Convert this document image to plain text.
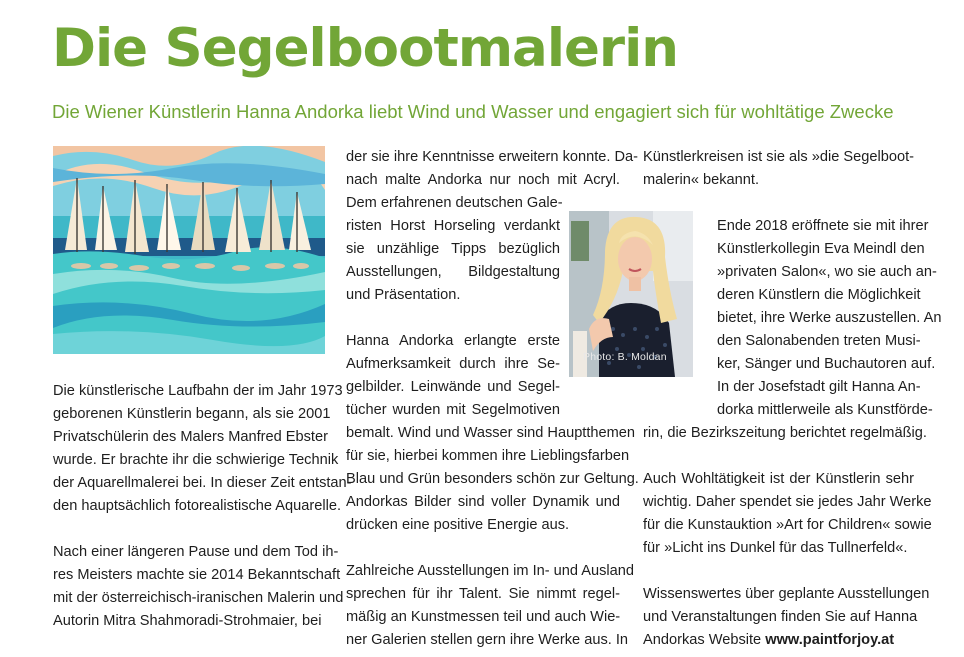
Die Segelbootmalerin

Die Wiener Künstlerin Hanna Andorka liebt Wind und Wasser und engagiert sich für wohltätige Zwecke

Photo: B. Moldan
Die künstlerische Laufbahn der im Jahr 1973
geborenen Künstlerin begann, als sie 2001
Privatschülerin des Malers Manfred Ebster
wurde. Er brachte ihr die schwierige Technik
der Aquarellmalerei bei. In dieser Zeit entstan-
den hauptsächlich fotorealistische Aquarelle.
Nach einer längeren Pause und dem Tod ih-
res Meisters machte sie 2014 Bekanntschaft
mit der österreichisch-iranischen Malerin und
Autorin Mitra Shahmoradi-Strohmaier, bei
der sie ihre Kenntnisse erweitern konnte. Da-
nach malte Andorka nur noch mit Acryl.
Dem erfahrenen deutschen Gale-
risten Horst Horseling verdankt
sie unzählige Tipps bezüglich
Ausstellungen, Bildgestaltung
und Präsentation.
Hanna Andorka erlangte erste
Aufmerksamkeit durch ihre Se-
gelbilder. Leinwände und Segel-
tücher wurden mit Segelmotiven
bemalt. Wind und Wasser sind Hauptthemen
für sie, hierbei kommen ihre Lieblingsfarben
Blau und Grün besonders schön zur Geltung.
Andorkas Bilder sind voller Dynamik und
drücken eine positive Energie aus.
Zahlreiche Ausstellungen im In- und Ausland
sprechen für ihr Talent. Sie nimmt regel-
mäßig an Kunstmessen teil und auch Wie-
ner Galerien stellen gern ihre Werke aus. In
Künstlerkreisen ist sie als »die Segelboot-
malerin« bekannt.
Ende 2018 eröffnete sie mit ihrer
Künstlerkollegin Eva Meindl den
»privaten Salon«, wo sie auch an-
deren Künstlern die Möglichkeit
bietet, ihre Werke auszustellen. An
den Salonabenden treten Musi-
ker, Sänger und Buchautoren auf.
In der Josefstadt gilt Hanna An-
dorka mittlerweile als Kunstförde-
rin, die Bezirkszeitung berichtet regelmäßig.
Auch Wohltätigkeit ist der Künstlerin sehr
wichtig. Daher spendet sie jedes Jahr Werke
für die Kunstauktion »Art for Children« sowie
für »Licht ins Dunkel für das Tullnerfeld«.
Wissenswertes über geplante Ausstellungen
und Veranstaltungen finden Sie auf Hanna
Andorkas Website www.paintforjoy.at
